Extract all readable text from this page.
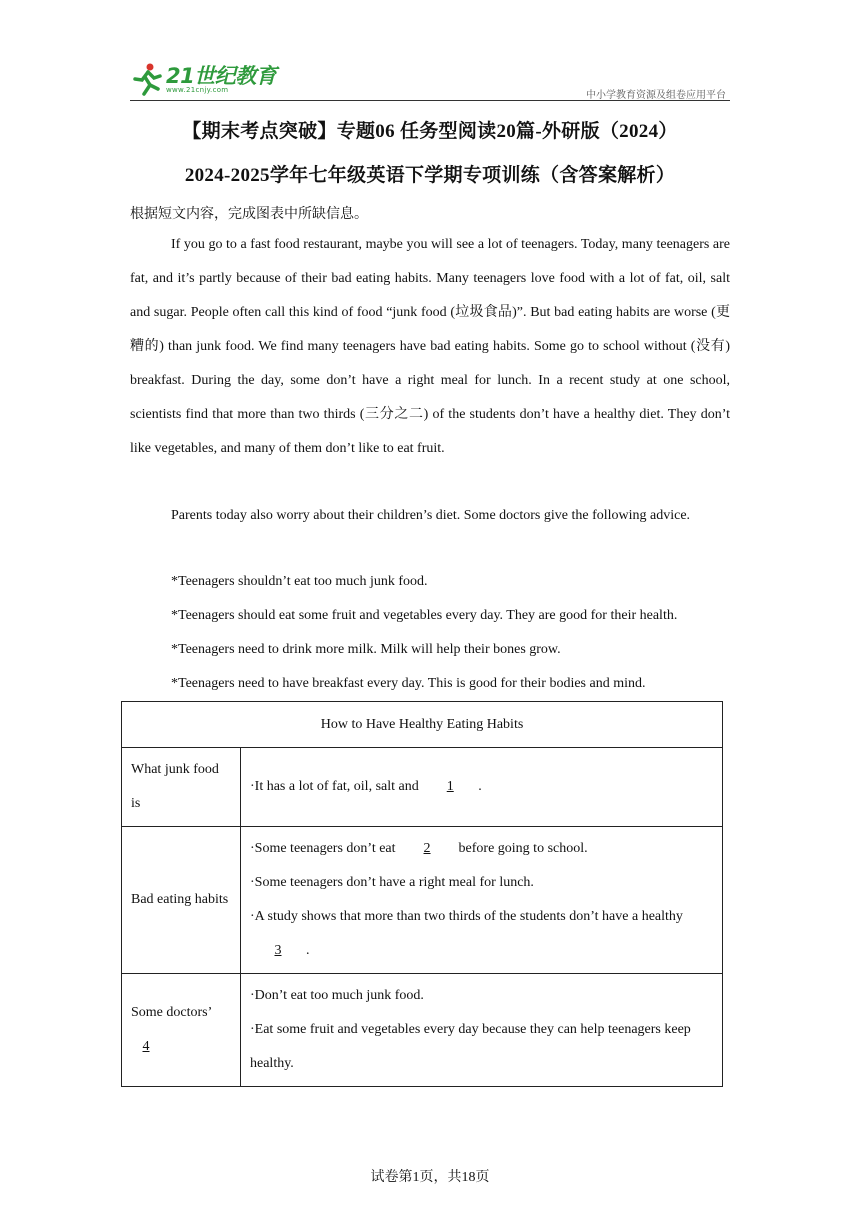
21世纪教育
www.21cnjy.com
中小学教育资源及组卷应用平台
【期末考点突破】专题06 任务型阅读20篇-外研版（2024）
2024-2025学年七年级英语下学期专项训练（含答案解析）
根据短文内容，完成图表中所缺信息。

If you go to a fast food restaurant, maybe you will see a lot of teenagers. Today, many teenagers are fat, and it’s partly because of their bad eating habits. Many teenagers love food with a lot of fat, oil, salt and sugar. People often call this kind of food “junk food (垃圾食品)”. But bad eating habits are worse (更糟的) than junk food. We find many teenagers have bad eating habits. Some go to school without (没有) breakfast. During the day, some don’t have a right meal for lunch. In a recent study at one school, scientists find that more than two thirds (三分之二) of the students don’t have a healthy diet. They don’t like vegetables, and many of them don’t like to eat fruit.

Parents today also worry about their children’s diet. Some doctors give the following advice.

*Teenagers shouldn’t eat too much junk food.
*Teenagers should eat some fruit and vegetables every day. They are good for their health.
*Teenagers need to drink more milk. Milk will help their bones grow.
*Teenagers need to have breakfast every day. This is good for their bodies and mind.
How to Have Healthy Eating Habits	
What junk food is	·It has a lot of fat, oil, salt and 1 .
Bad eating habits	·Some teenagers don’t eat 2 before going to school.
·Some teenagers don’t have a right meal for lunch.
·A study shows that more than two thirds of the students don’t have a healthy 3 .

Some doctors’ 4	·Don’t eat too much junk food.
·Eat some fruit and vegetables every day because they can help teenagers keep healthy.
试卷第1页，共18页
